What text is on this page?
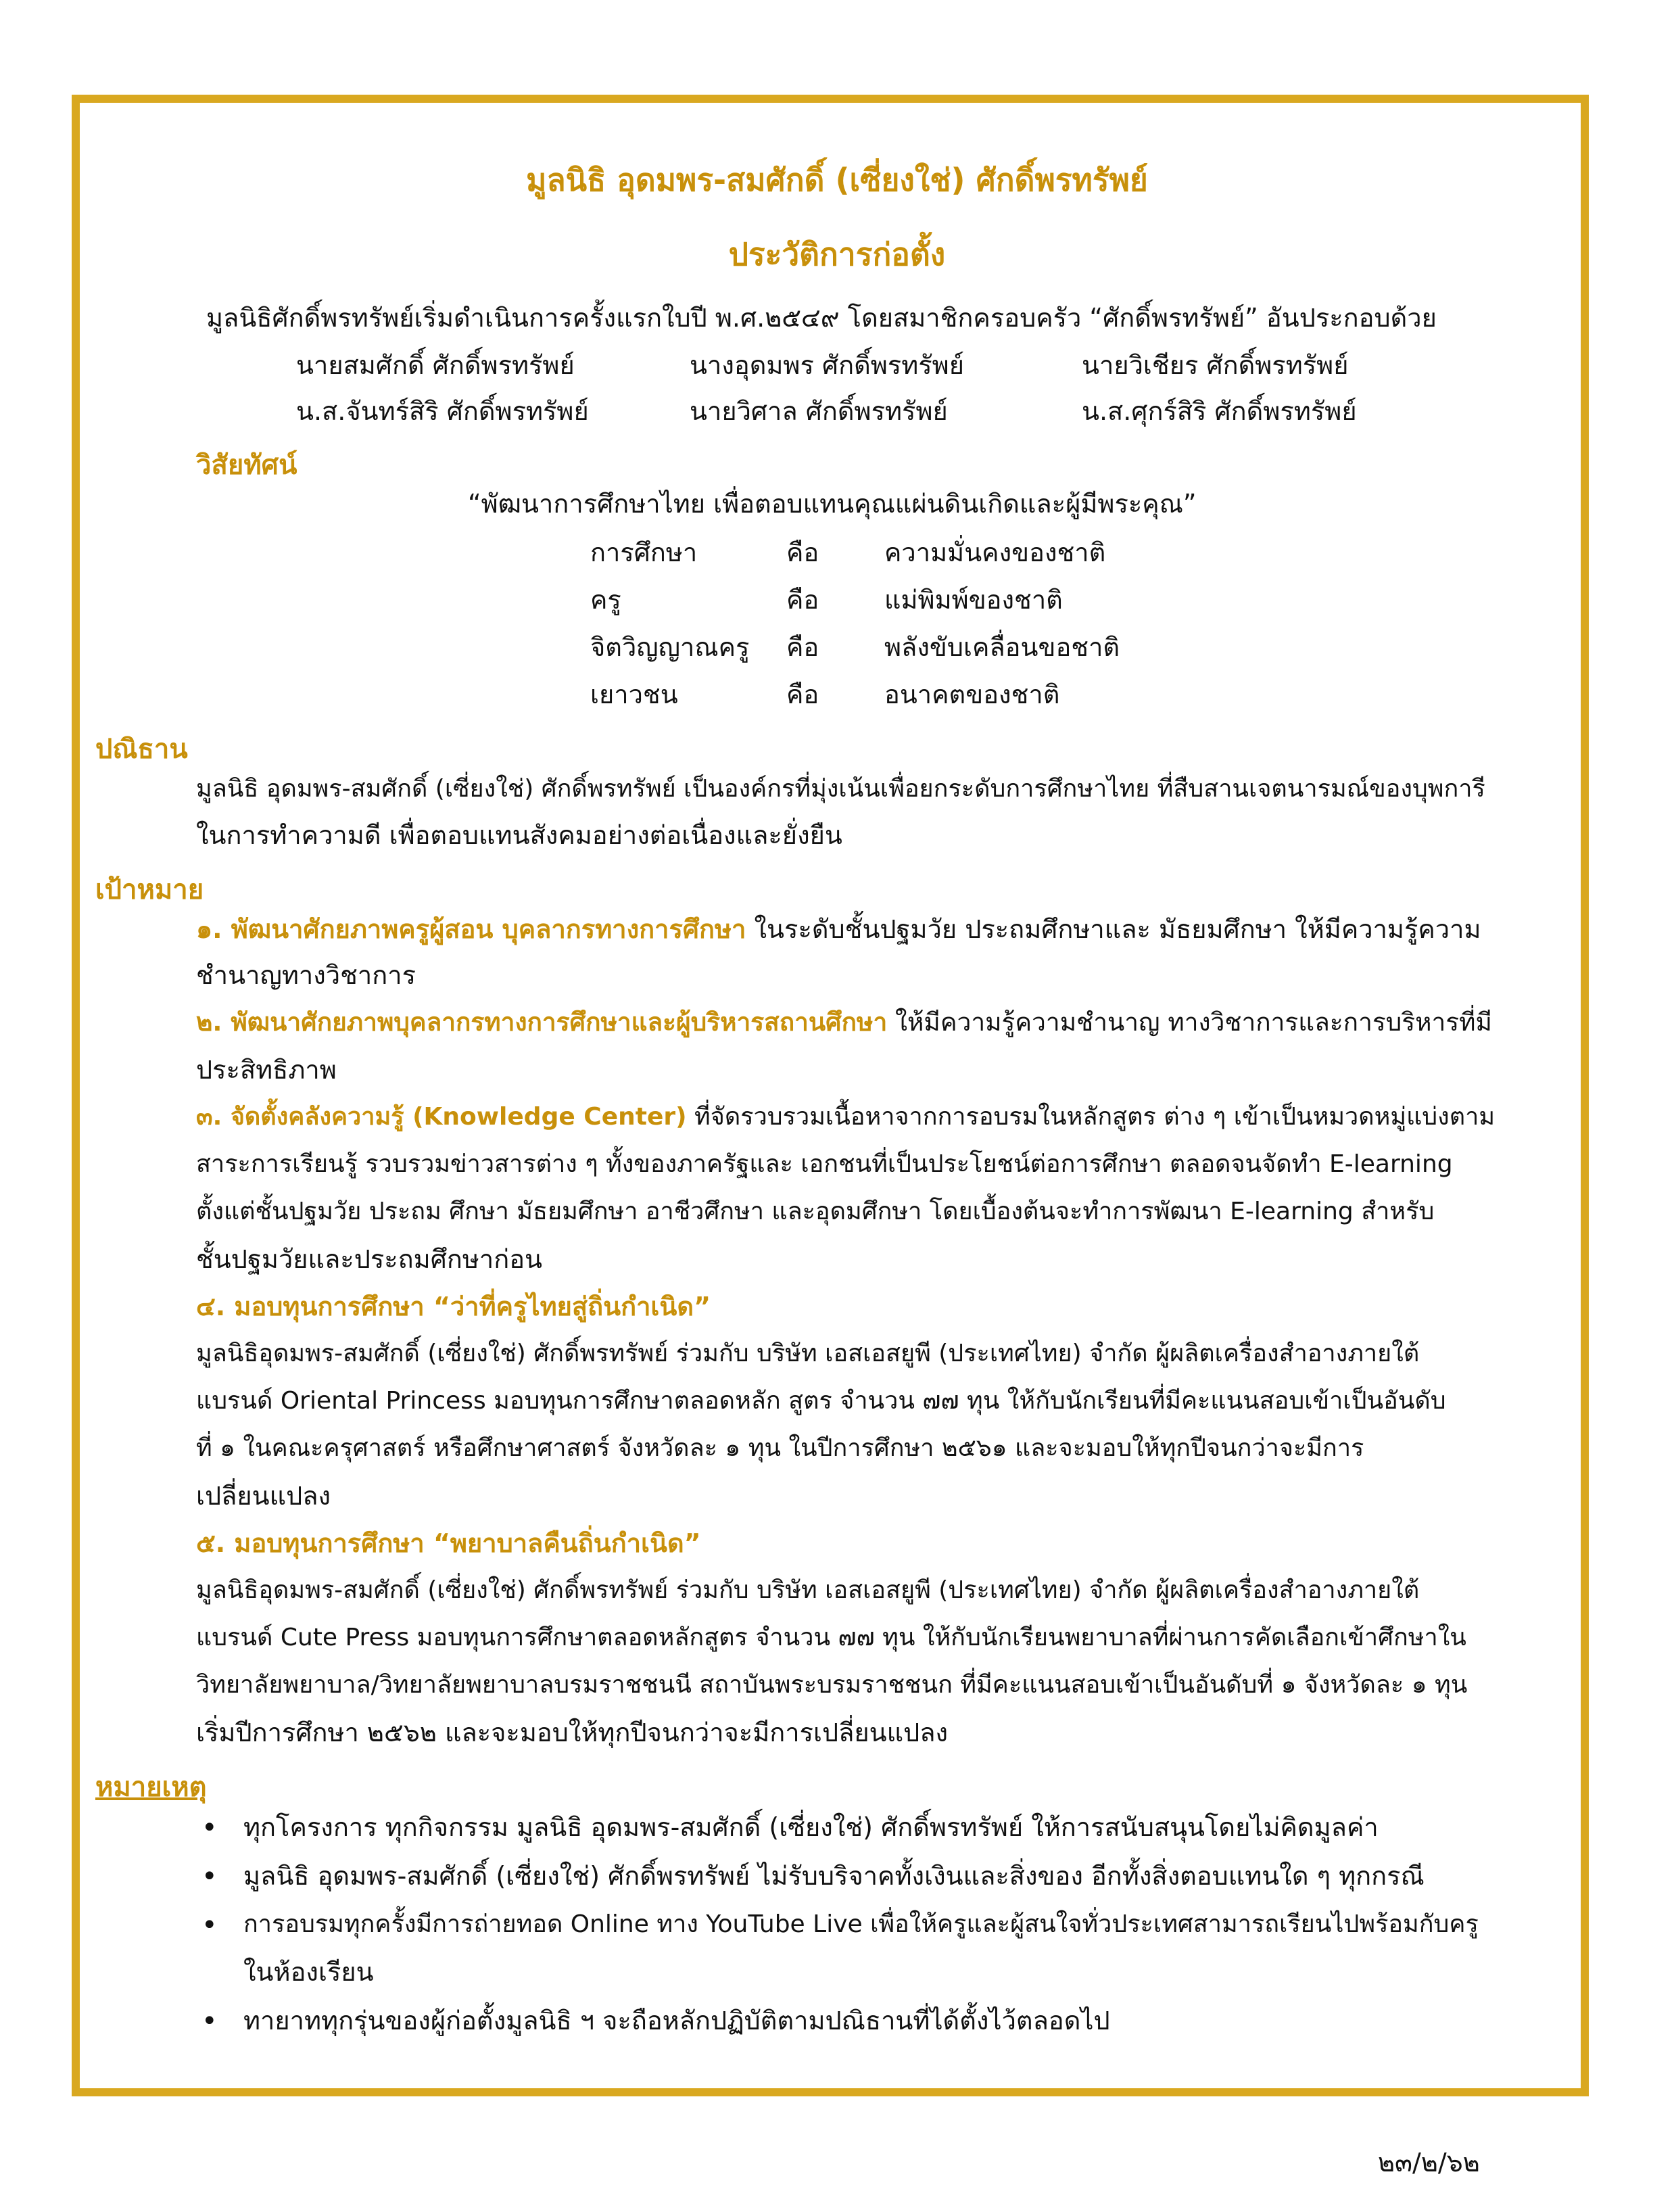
มูลนิธิ อุดมพร-สมศักดิ์ (เซี่ยงใช่) ศักดิ์พรทรัพย์
ประวัติการก่อตั้ง
มูลนิธิศักดิ์พรทรัพย์เริ่มดำเนินการครั้งแรกใบปี พ.ศ.๒๕๔๙ โดยสมาชิกครอบครัว “ศักดิ์พรทรัพย์” อันประกอบด้วย
นายสมศักดิ์ ศักดิ์พรทรัพย์	นางอุดมพร ศักดิ์พรทรัพย์	นายวิเชียร ศักดิ์พรทรัพย์
น.ส.จันทร์สิริ ศักดิ์พรทรัพย์	นายวิศาล ศักดิ์พรทรัพย์	น.ส.ศุกร์สิริ ศักดิ์พรทรัพย์
วิสัยทัศน์
“พัฒนาการศึกษาไทย เพื่อตอบแทนคุณแผ่นดินเกิดและผู้มีพระคุณ”
การศึกษา	คือ	ความมั่นคงของชาติ
ครู	คือ	แม่พิมพ์ของชาติ
จิตวิญญาณครู คือ	พลังขับเคลื่อนขอชาติ
เยาวชน	คือ	อนาคตของชาติ
ปณิธาน
มูลนิธิ อุดมพร-สมศักดิ์ (เซี่ยงใช่) ศักดิ์พรทรัพย์ เป็นองค์กรที่มุ่งเน้นเพื่อยกระดับการศึกษาไทย ที่สืบสานเจตนารมณ์ของบุพการี
ในการทำความดี เพื่อตอบแทนสังคมอย่างต่อเนื่องและยั่งยืน
เป้าหมาย
๑. พัฒนาศักยภาพครูผู้สอน บุคลากรทางการศึกษา ในระดับชั้นปฐมวัย ประถมศึกษาและ มัธยมศึกษา ให้มีความรู้ความ
ชำนาญทางวิชาการ
๒. พัฒนาศักยภาพบุคลากรทางการศึกษาและผู้บริหารสถานศึกษา ให้มีความรู้ความชำนาญ ทางวิชาการและการบริหารที่มี
ประสิทธิภาพ
๓. จัดตั้งคลังความรู้ (Knowledge Center) ที่จัดรวบรวมเนื้อหาจากการอบรมในหลักสูตร ต่าง ๆ เข้าเป็นหมวดหมู่แบ่งตาม
สาระการเรียนรู้ รวบรวมข่าวสารต่าง ๆ ทั้งของภาครัฐและ เอกชนที่เป็นประโยชน์ต่อการศึกษา ตลอดจนจัดทำ E-learning
ตั้งแต่ชั้นปฐมวัย ประถม ศึกษา มัธยมศึกษา อาชีวศึกษา และอุดมศึกษา โดยเบื้องต้นจะทำการพัฒนา E-learning สำหรับ
ชั้นปฐมวัยและประถมศึกษาก่อน
๔. มอบทุนการศึกษา “ว่าที่ครูไทยสู่ถิ่นกำเนิด”
มูลนิธิอุดมพร-สมศักดิ์ (เซี่ยงใช่) ศักดิ์พรทรัพย์ ร่วมกับ บริษัท เอสเอสยูพี (ประเทศไทย) จำกัด ผู้ผลิตเครื่องสำอางภายใต้
แบรนด์ Oriental Princess มอบทุนการศึกษาตลอดหลัก สูตร จำนวน ๗๗ ทุน ให้กับนักเรียนที่มีคะแนนสอบเข้าเป็นอันดับ
ที่ ๑ ในคณะครุศาสตร์ หรือศึกษาศาสตร์ จังหวัดละ ๑ ทุน ในปีการศึกษา ๒๕๖๑ และจะมอบให้ทุกปีจนกว่าจะมีการ
เปลี่ยนแปลง
๕. มอบทุนการศึกษา “พยาบาลคืนถิ่นกำเนิด”
มูลนิธิอุดมพร-สมศักดิ์ (เซี่ยงใช่) ศักดิ์พรทรัพย์ ร่วมกับ บริษัท เอสเอสยูพี (ประเทศไทย) จำกัด ผู้ผลิตเครื่องสำอางภายใต้
แบรนด์ Cute Press มอบทุนการศึกษาตลอดหลักสูตร จำนวน ๗๗ ทุน ให้กับนักเรียนพยาบาลที่ผ่านการคัดเลือกเข้าศึกษาใน
วิทยาลัยพยาบาล/วิทยาลัยพยาบาลบรมราชชนนี สถาบันพระบรมราชชนก ที่มีคะแนนสอบเข้าเป็นอันดับที่ ๑ จังหวัดละ ๑ ทุน
เริ่มปีการศึกษา ๒๕๖๒ และจะมอบให้ทุกปีจนกว่าจะมีการเปลี่ยนแปลง
หมายเหตุ
• ทุกโครงการ ทุกกิจกรรม มูลนิธิ อุดมพร-สมศักดิ์ (เซี่ยงใช่) ศักดิ์พรทรัพย์ ให้การสนับสนุนโดยไม่คิดมูลค่า
• มูลนิธิ อุดมพร-สมศักดิ์ (เซี่ยงใช่) ศักดิ์พรทรัพย์ ไม่รับบริจาคทั้งเงินและสิ่งของ อีกทั้งสิ่งตอบแทนใด ๆ ทุกกรณี
• การอบรมทุกครั้งมีการถ่ายทอด Online ทาง YouTube Live เพื่อให้ครูและผู้สนใจทั่วประเทศสามารถเรียนไปพร้อมกับครู
ในห้องเรียน
• ทายาททุกรุ่นของผู้ก่อตั้งมูลนิธิ ฯ จะถือหลักปฏิบัติตามปณิธานที่ได้ตั้งไว้ตลอดไป
๒๓/๒/๖๒
